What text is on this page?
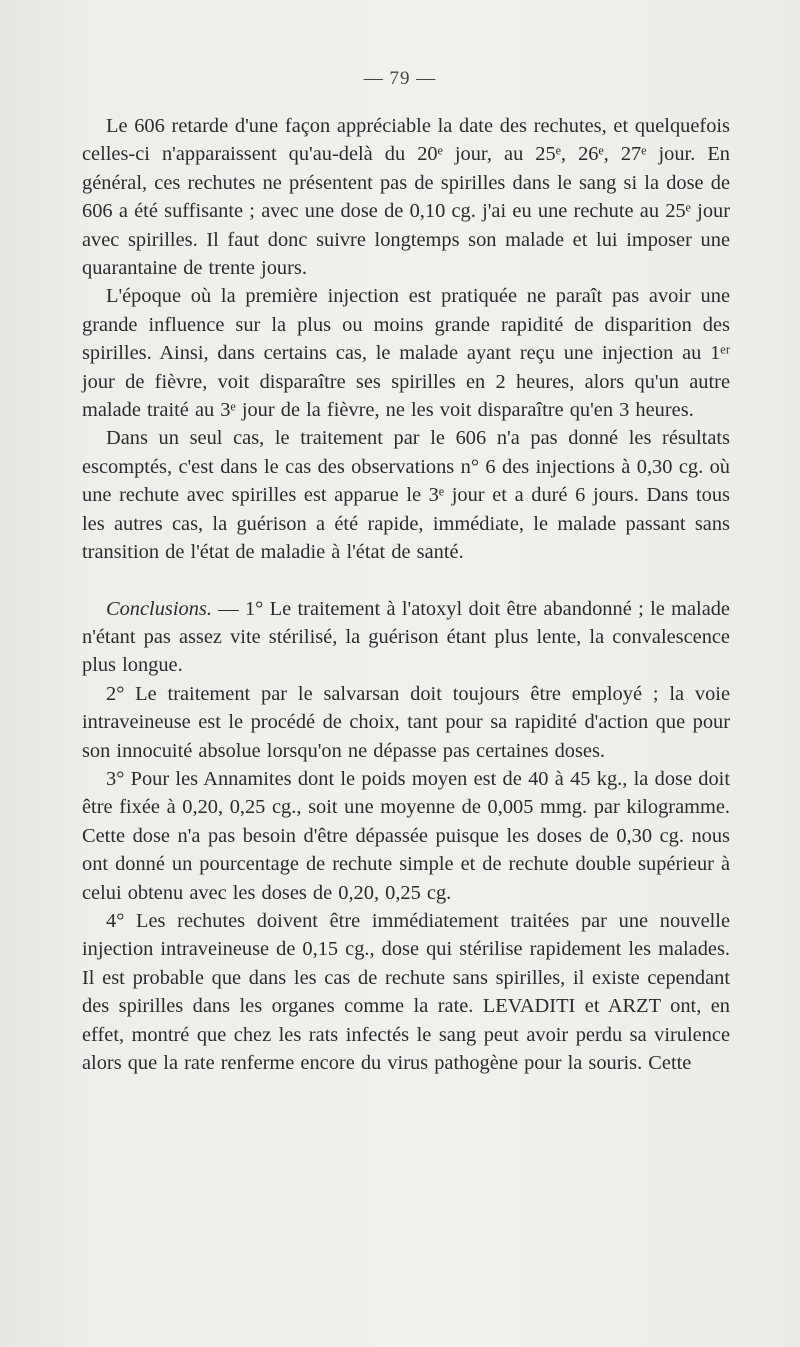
— 79 —

Le 606 retarde d'une façon appréciable la date des rechutes, et quelquefois celles-ci n'apparaissent qu'au-delà du 20ᵉ jour, au 25ᵉ, 26ᵉ, 27ᵉ jour. En général, ces rechutes ne présentent pas de spirilles dans le sang si la dose de 606 a été suffisante ; avec une dose de 0,10 cg. j'ai eu une rechute au 25ᵉ jour avec spirilles. Il faut donc suivre longtemps son malade et lui imposer une quarantaine de trente jours.

L'époque où la première injection est pratiquée ne paraît pas avoir une grande influence sur la plus ou moins grande rapidité de disparition des spirilles. Ainsi, dans certains cas, le malade ayant reçu une injection au 1ᵉʳ jour de fièvre, voit disparaître ses spirilles en 2 heures, alors qu'un autre malade traité au 3ᵉ jour de la fièvre, ne les voit disparaître qu'en 3 heures.

Dans un seul cas, le traitement par le 606 n'a pas donné les résultats escomptés, c'est dans le cas des observations n° 6 des injections à 0,30 cg. où une rechute avec spirilles est apparue le 3ᵉ jour et a duré 6 jours. Dans tous les autres cas, la guérison a été rapide, immédiate, le malade passant sans transition de l'état de maladie à l'état de santé.

Conclusions. — 1° Le traitement à l'atoxyl doit être abandonné ; le malade n'étant pas assez vite stérilisé, la guérison étant plus lente, la convalescence plus longue.

2° Le traitement par le salvarsan doit toujours être employé ; la voie intraveineuse est le procédé de choix, tant pour sa rapidité d'action que pour son innocuité absolue lorsqu'on ne dépasse pas certaines doses.

3° Pour les Annamites dont le poids moyen est de 40 à 45 kg., la dose doit être fixée à 0,20, 0,25 cg., soit une moyenne de 0,005 mmg. par kilogramme. Cette dose n'a pas besoin d'être dépassée puisque les doses de 0,30 cg. nous ont donné un pourcentage de rechute simple et de rechute double supérieur à celui obtenu avec les doses de 0,20, 0,25 cg.

4° Les rechutes doivent être immédiatement traitées par une nouvelle injection intraveineuse de 0,15 cg., dose qui stérilise rapidement les malades. Il est probable que dans les cas de rechute sans spirilles, il existe cependant des spirilles dans les organes comme la rate. LEVADITI et ARZT ont, en effet, montré que chez les rats infectés le sang peut avoir perdu sa virulence alors que la rate renferme encore du virus pathogène pour la souris. Cette
